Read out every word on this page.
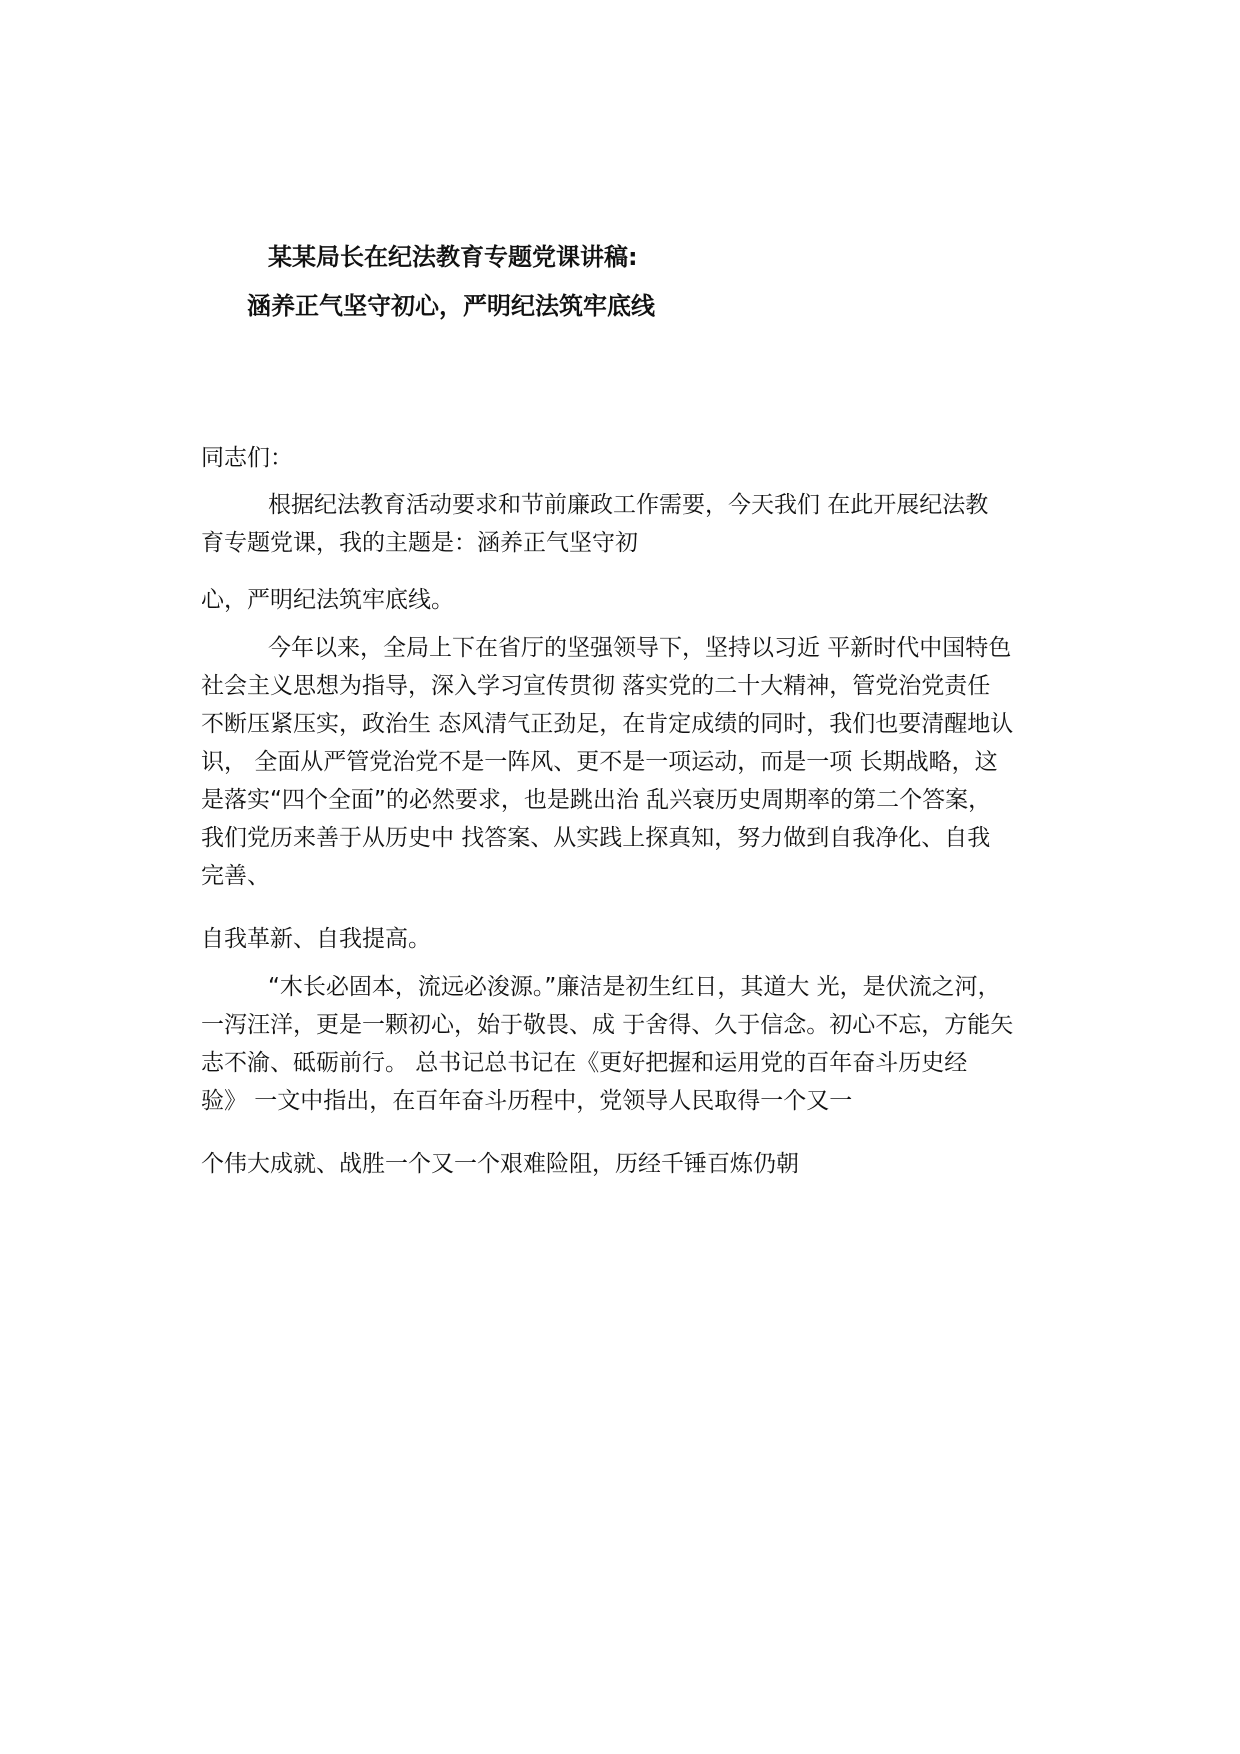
某某局长在纪法教育专题党课讲稿:
涵养正气坚守初心，严明纪法筑牢底线

同志们：

根据纪法教育活动要求和节前廉政工作需要，今天我们 在此开展纪法教

育专题党课，我的主题是：涵养正气坚守初

心，严明纪法筑牢底线。

今年以来，全局上下在省厅的坚强领导下，坚持以习近 平新时代中国特色

社会主义思想为指导，深入学习宣传贯彻 落实党的二十大精神，管党治党责任

不断压紧压实，政治生 态风清气正劲足，在肯定成绩的同时，我们也要清醒地认

识， 全面从严管党治党不是一阵风、更不是一项运动，而是一项 长期战略，这

是落实“四个全面”的必然要求，也是跳出治 乱兴衰历史周期率的第二个答案，

我们党历来善于从历史中 找答案、从实践上探真知，努力做到自我净化、自我

完善、

自我革新、自我提高。

“木长必固本，流远必浚源。”廉洁是初生红日，其道大 光，是伏流之河，

一泻汪洋，更是一颗初心，始于敬畏、成 于舍得、久于信念。初心不忘，方能矢

志不渝、砥砺前行。 总书记总书记在《更好把握和运用党的百年奋斗历史经

验》 一文中指出，在百年奋斗历程中，党领导人民取得一个又一

个伟大成就、战胜一个又一个艰难险阻，历经千锤百炼仍朝
